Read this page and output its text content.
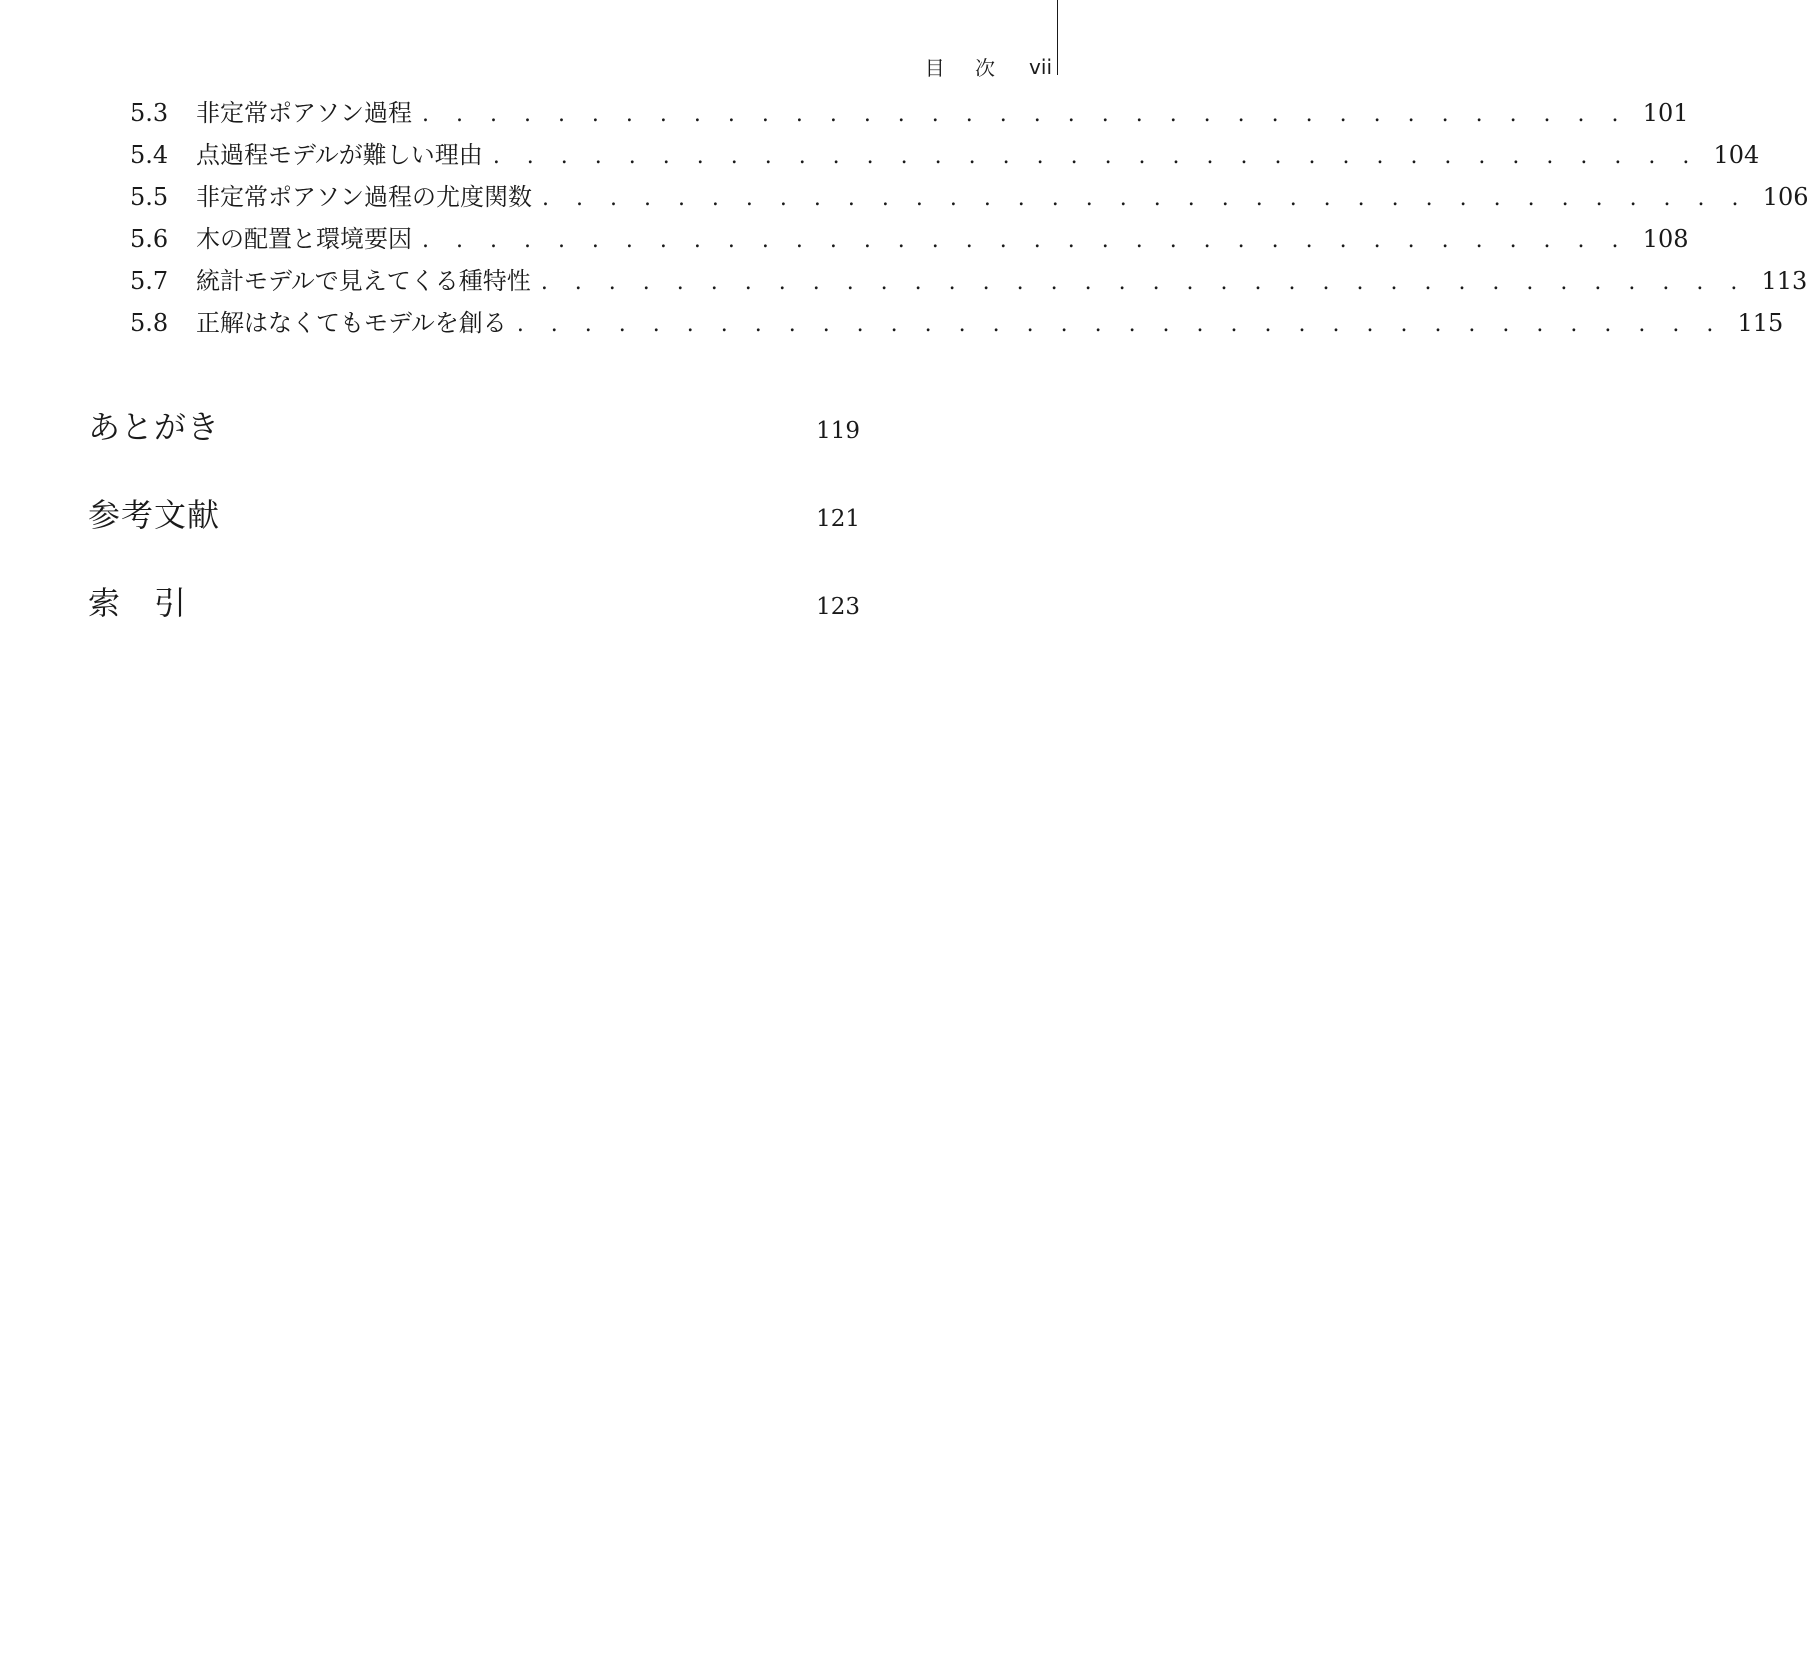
目 次 vii
5.3	非定常ポアソン過程 . . . . . . . . . . . . . . . . . . . . . . . . . . . . . . . . . . . . 101
5.4	点過程モデルが難しい理由 . . . . . . . . . . . . . . . . . . . . . . . . . . . . . . . . . . . . 104
5.5	非定常ポアソン過程の尤度関数 . . . . . . . . . . . . . . . . . . . . . . . . . . . . . . . . . . . . 106
5.6	木の配置と環境要因 . . . . . . . . . . . . . . . . . . . . . . . . . . . . . . . . . . . . 108
5.7	統計モデルで見えてくる種特性 . . . . . . . . . . . . . . . . . . . . . . . . . . . . . . . . . . . . 113
5.8	正解はなくてもモデルを創る . . . . . . . . . . . . . . . . . . . . . . . . . . . . . . . . . . . . 115
あとがき	119
参考文献	121
索　引	123
